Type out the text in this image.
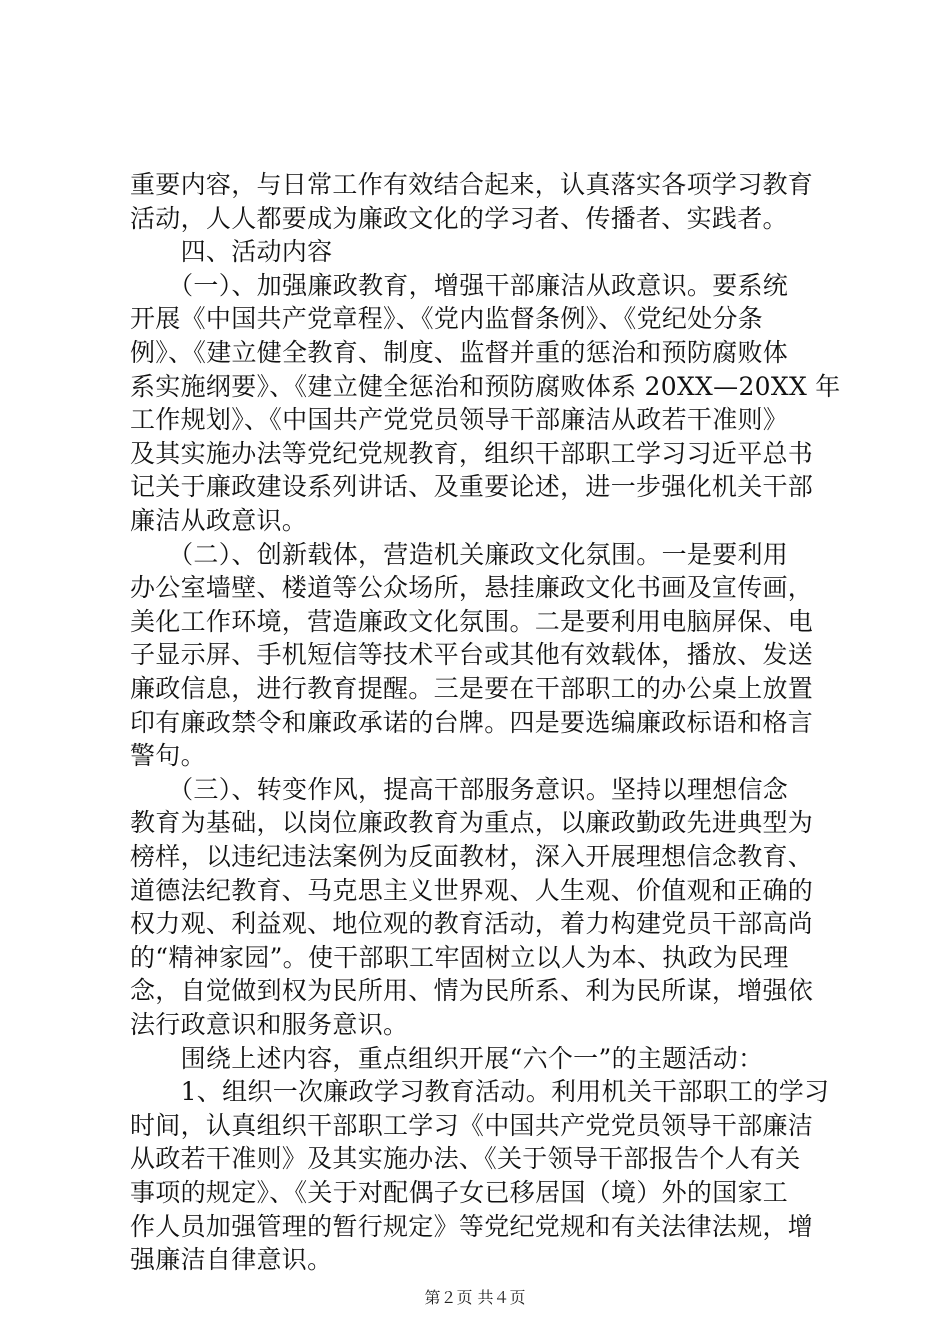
重要内容，与日常工作有效结合起来，认真落实各项学习教育
活动，人人都要成为廉政文化的学习者、传播者、实践者。
　　四、活动内容
　　（一）、加强廉政教育，增强干部廉洁从政意识。要系统
开展《中国共产党章程》、《党内监督条例》、《党纪处分条
例》、《建立健全教育、制度、监督并重的惩治和预防腐败体
系实施纲要》、《建立健全惩治和预防腐败体系 20XX—20XX 年
工作规划》、《中国共产党党员领导干部廉洁从政若干准则》
及其实施办法等党纪党规教育，组织干部职工学习习近平总书
记关于廉政建设系列讲话、及重要论述，进一步强化机关干部
廉洁从政意识。
　　（二）、创新载体，营造机关廉政文化氛围。一是要利用
办公室墙壁、楼道等公众场所，悬挂廉政文化书画及宣传画，
美化工作环境，营造廉政文化氛围。二是要利用电脑屏保、电
子显示屏、手机短信等技术平台或其他有效载体，播放、发送
廉政信息，进行教育提醒。三是要在干部职工的办公桌上放置
印有廉政禁令和廉政承诺的台牌。四是要选编廉政标语和格言
警句。
　　（三）、转变作风，提高干部服务意识。坚持以理想信念
教育为基础，以岗位廉政教育为重点，以廉政勤政先进典型为
榜样，以违纪违法案例为反面教材，深入开展理想信念教育、
道德法纪教育、马克思主义世界观、人生观、价值观和正确的
权力观、利益观、地位观的教育活动，着力构建党员干部高尚
的“精神家园”。使干部职工牢固树立以人为本、执政为民理
念，自觉做到权为民所用、情为民所系、利为民所谋，增强依
法行政意识和服务意识。
　　围绕上述内容，重点组织开展“六个一”的主题活动：
　　1、组织一次廉政学习教育活动。利用机关干部职工的学习
时间，认真组织干部职工学习《中国共产党党员领导干部廉洁
从政若干准则》及其实施办法、《关于领导干部报告个人有关
事项的规定》、《关于对配偶子女已移居国（境）外的国家工
作人员加强管理的暂行规定》等党纪党规和有关法律法规，增
强廉洁自律意识。
第２页 共４页
